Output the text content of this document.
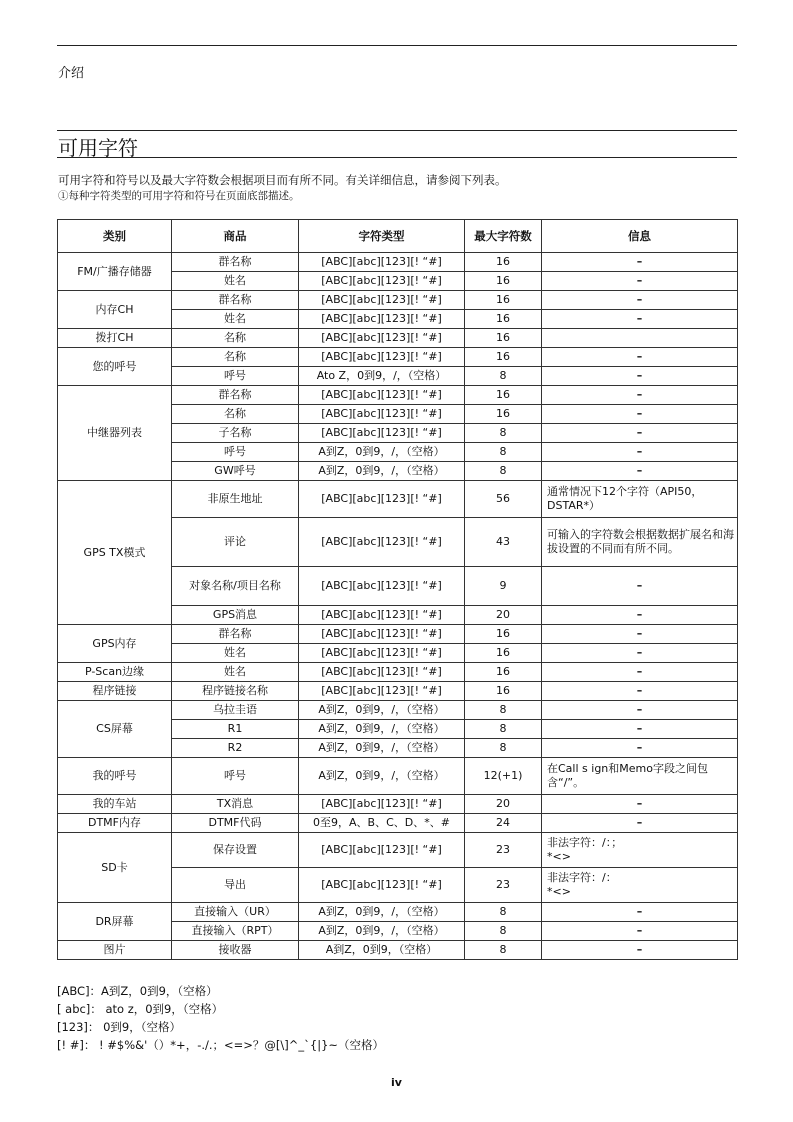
介绍
可用字符
可用字符和符号以及最大字符数会根据项目而有所不同。有关详细信息，请参阅下列表。
①每种字符类型的可用字符和符号在页面底部描述。
类别	商品	字符类型	最大字符数	信息
FM/广播存储器	群名称	[ABC][abc][123][! “#]	16	–
	姓名	[ABC][abc][123][! “#]	16	–
内存CH	群名称	[ABC][abc][123][! “#]	16	–
	姓名	[ABC][abc][123][! “#]	16	–
拨打CH	名称	[ABC][abc][123][! “#]	16	
您的呼号	名称	[ABC][abc][123][! “#]	16	–
	呼号	Ato Z，0到9，/，（空格）	8	–
中继器列表	群名称	[ABC][abc][123][! “#]	16	–
	名称	[ABC][abc][123][! “#]	16	–
	子名称	[ABC][abc][123][! “#]	8	–
	呼号	A到Z，0到9，/，（空格）	8	–
	GW呼号	A到Z，0到9，/，（空格）	8	–
GPS TX模式	非原生地址	[ABC][abc][123][! “#]	56	通常情况下12个字符（API50，DSTAR*）
	评论	[ABC][abc][123][! “#]	43	可输入的字符数会根据数据扩展名和海拔设置的不同而有所不同。
	对象名称/项目名称	[ABC][abc][123][! “#]	9	–
	GPS消息	[ABC][abc][123][! “#]	20	–
GPS内存	群名称	[ABC][abc][123][! “#]	16	–
	姓名	[ABC][abc][123][! “#]	16	–
P-Scan边缘	姓名	[ABC][abc][123][! “#]	16	–
程序链接	程序链接名称	[ABC][abc][123][! “#]	16	–
CS屏幕	乌拉圭语	A到Z，0到9，/，（空格）	8	–
	R1	A到Z，0到9，/，（空格）	8	–
	R2	A到Z，0到9，/，（空格）	8	–
我的呼号	呼号	A到Z，0到9，/，（空格）	12(+1)	在Call s ign和Memo字段之间包含“/”。
我的车站	TX消息	[ABC][abc][123][! “#]	20	–
DTMF内存	DTMF代码	0至9，A、B、C、D、*、#	24	–
SD卡	保存设置	[ABC][abc][123][! “#]	23	非法字符：/：；
*<>
	导出	[ABC][abc][123][! “#]	23	非法字符：/：
*<>
DR屏幕	直接输入（UR）	A到Z，0到9，/，（空格）	8	–
	直接输入（RPT）	A到Z，0到9，/，（空格）	8	–
图片	接收器	A到Z，0到9，（空格）	8	–
[ABC]：A到Z，0到9，（空格）
[ abc]： ato z，0到9，（空格）
[123]： 0到9，（空格）
[! #]： ! #$%&'（）*+，-./.；<=>？@[\]^_`{|}~（空格）
iv
